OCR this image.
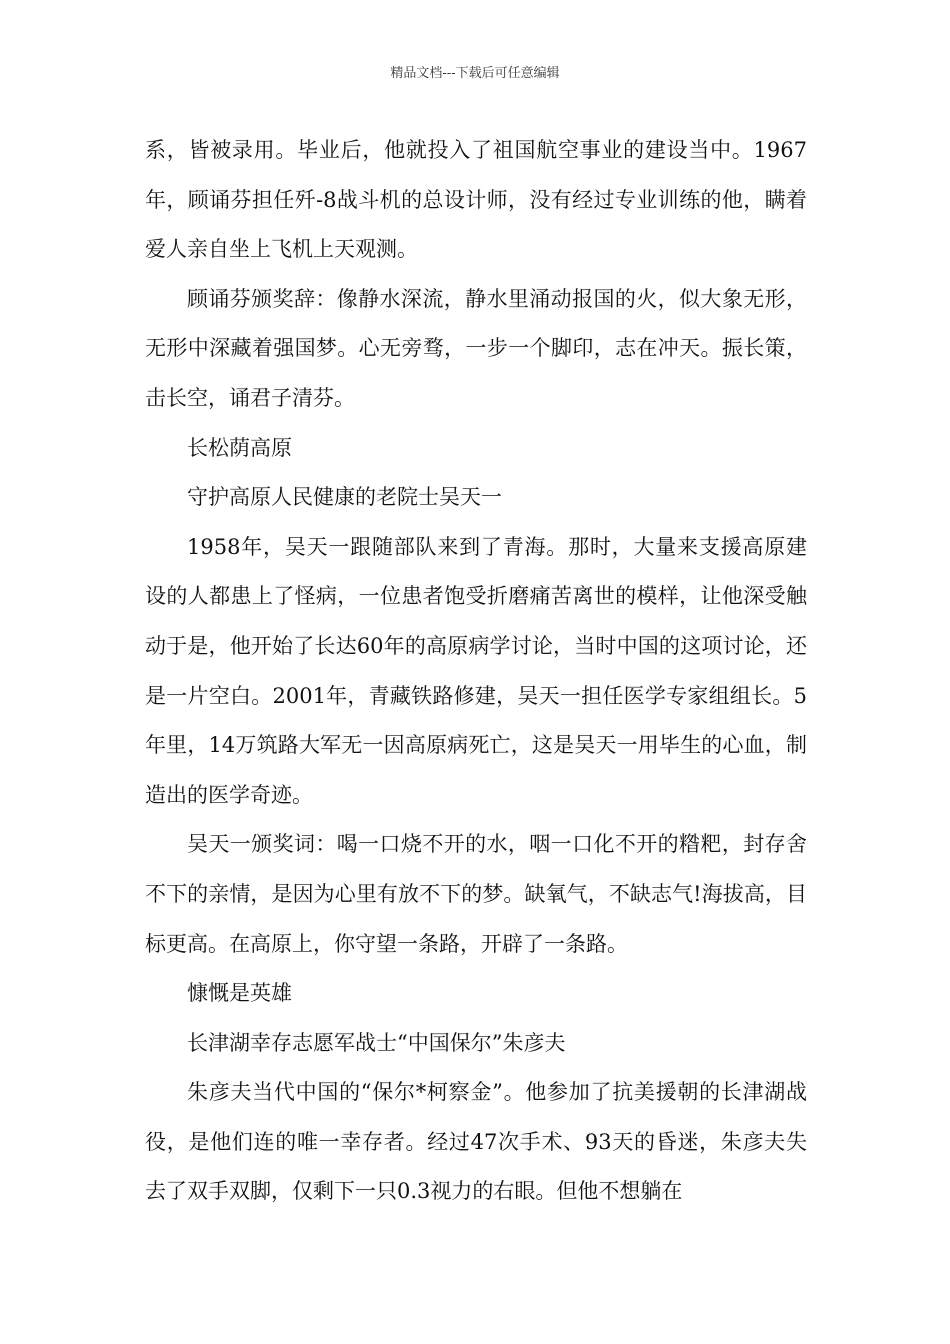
精品文档---下载后可任意编辑

系，皆被录用。毕业后，他就投入了祖国航空事业的建设当中。1967年，顾诵芬担任歼-8战斗机的总设计师，没有经过专业训练的他，瞒着爱人亲自坐上飞机上天观测。

顾诵芬颁奖辞：像静水深流，静水里涌动报国的火，似大象无形，无形中深藏着强国梦。心无旁骛，一步一个脚印，志在冲天。振长策，击长空，诵君子清芬。

长松荫高原

守护高原人民健康的老院士吴天一

1958年，吴天一跟随部队来到了青海。那时，大量来支援高原建设的人都患上了怪病，一位患者饱受折磨痛苦离世的模样，让他深受触动于是，他开始了长达60年的高原病学讨论，当时中国的这项讨论，还是一片空白。2001年，青藏铁路修建，吴天一担任医学专家组组长。5年里，14万筑路大军无一因高原病死亡，这是吴天一用毕生的心血，制造出的医学奇迹。

吴天一颁奖词：喝一口烧不开的水，咽一口化不开的糌粑，封存舍不下的亲情，是因为心里有放不下的梦。缺氧气，不缺志气!海拔高，目标更高。在高原上，你守望一条路，开辟了一条路。

慷慨是英雄

长津湖幸存志愿军战士“中国保尔”朱彦夫

朱彦夫当代中国的“保尔*柯察金”。他参加了抗美援朝的长津湖战役，是他们连的唯一幸存者。经过47次手术、93天的昏迷，朱彦夫失去了双手双脚，仅剩下一只0.3视力的右眼。但他不想躺在
